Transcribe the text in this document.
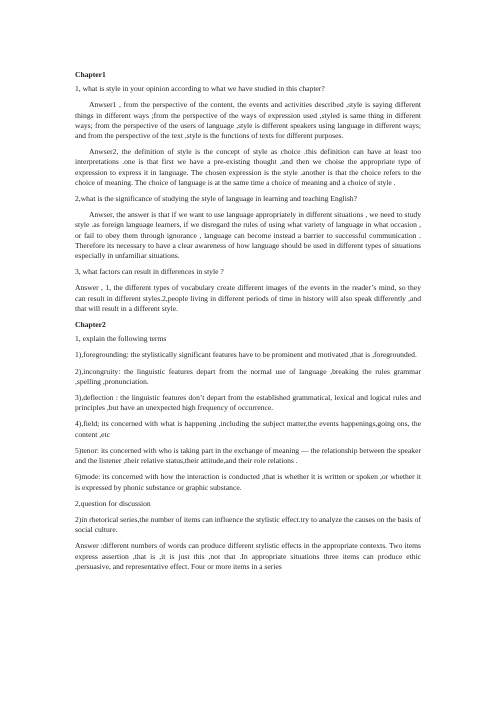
Chapter1
1, what is style in your opinion according to what we have studied in this chapter?
Anwser1 , from the perspective of the content, the events and activities described ,style is saying different things in different ways ;from the perspective of the ways of expression used ,styled is same thing in different ways; from the perspective of the users of language ,style is different speakers using language in different ways; and from the perspective of the text ,style is the functions of texts for different purposes.
Anwser2, the definition of style is the concept of style as choice .this definition can have at least too interpretations .one is that first we have a pre-existing thought ,and then we choise the appropriate type of expression to express it in language. The chosen expression is the style .another is that the choice refers to the choice of meaning. The choice of language is at the same time a choice of meaning and a choice of style .
2,what is the significance of studying the style of language in learning and teaching English?
Anwser, the answer is that if we want to use language appropriately in different situations , we need to study style .as foreign language learners, if we disregard the rules of using what variety of language in what occasion , or fail to obey them through ignorance , language can become instead a barrier to successful communication . Therefore its necessary to have a clear awareness of how language should be used in different types of situations especially in unfamiliar situations.
3, what factors can result in differences in style ?
Answer , 1, the different types of vocabulary create different images of the events in the reader’s mind, so they can result in different styles.2,people living in different periods of time in history will also speak differently ,and that will result in a different style.
Chapter2
1, explain the following terms
1),foregrounding: the stylistically significant features have to be prominent and motivated ,that is ,foregrounded.
2),incongruity: the linguistic features depart from the normal use of language ,breaking the rules grammar ,spelling ,pronunciation.
3),deflection : the linguistic features don’t depart from the established grammatical, lexical and logical rules and principles ,but have an unexpected high frequency of occurrence.
4),field; its concerned with what is happening ,including the subject matter,the events happenings,going ons, the content ,etc
5)tenor: its concerned with who is taking part in the exchange of meaning — the relationship between the speaker and the listener ,their relative status,their attitude,and their role relations .
6)mode: its concerned with how the interaction is conducted ,that is whether it is written or spoken ,or whether it is expressed by phonic substance or graphic substance.
2,question for discussion
2)in rhetorical series,the number of items can influence the stylistic effect.try to analyze the causes on the basis of social culture.
Answer :different numbers of words can produce different stylistic effects in the appropriate contexts. Two items express assertion ,that is ,it is just this ,not that .In appropriate situations three items can produce ethic ,persuasive, and representative effect. Four or more items in a series
